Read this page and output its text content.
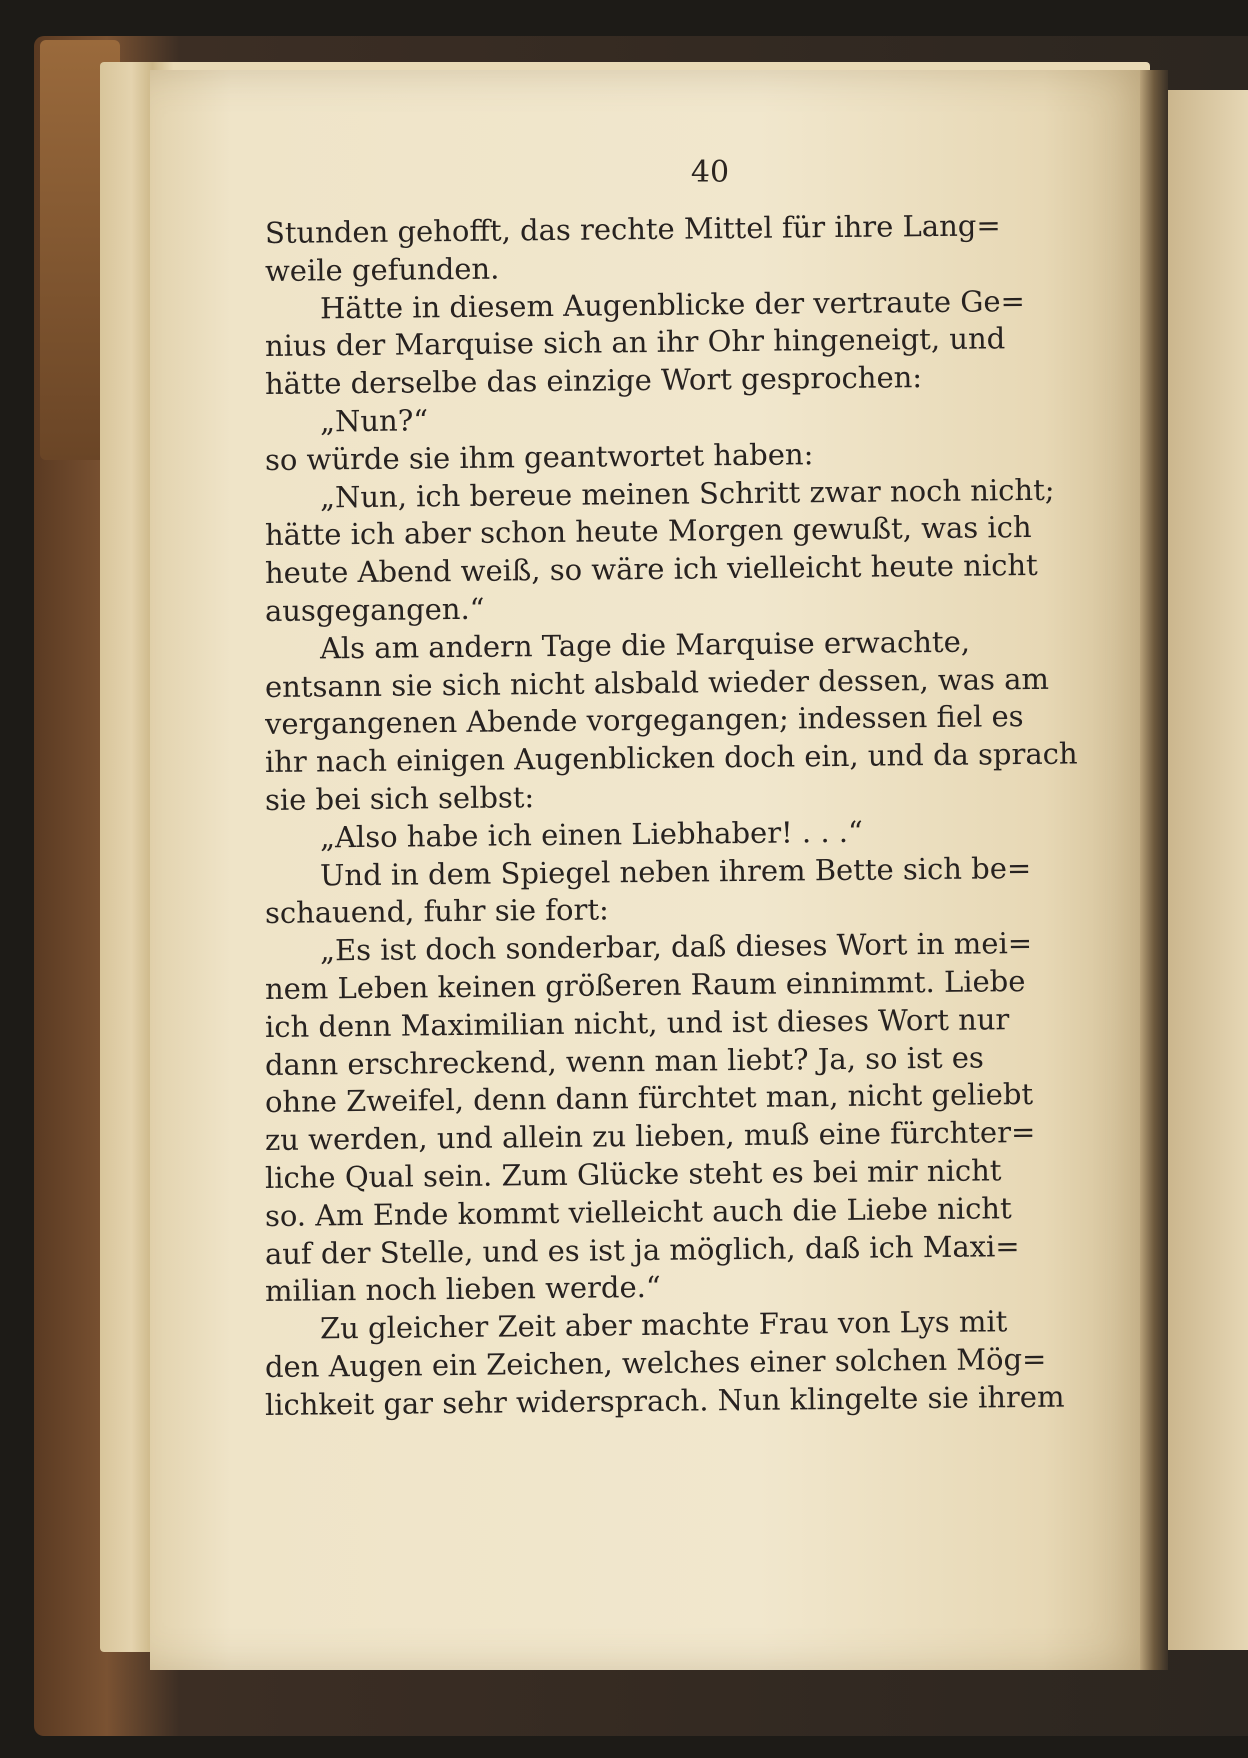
40
Stunden gehofft, das rechte Mittel für ihre Lang=
weile gefunden.
Hätte in diesem Augenblicke der vertraute Ge=
nius der Marquise sich an ihr Ohr hingeneigt, und
hätte derselbe das einzige Wort gesprochen:
„Nun?“
so würde sie ihm geantwortet haben:
„Nun, ich bereue meinen Schritt zwar noch nicht;
hätte ich aber schon heute Morgen gewußt, was ich
heute Abend weiß, so wäre ich vielleicht heute nicht
ausgegangen.“
Als am andern Tage die Marquise erwachte,
entsann sie sich nicht alsbald wieder dessen, was am
vergangenen Abende vorgegangen; indessen fiel es
ihr nach einigen Augenblicken doch ein, und da sprach
sie bei sich selbst:
„Also habe ich einen Liebhaber! . . .“
Und in dem Spiegel neben ihrem Bette sich be=
schauend, fuhr sie fort:
„Es ist doch sonderbar, daß dieses Wort in mei=
nem Leben keinen größeren Raum einnimmt. Liebe
ich denn Maximilian nicht, und ist dieses Wort nur
dann erschreckend, wenn man liebt? Ja, so ist es
ohne Zweifel, denn dann fürchtet man, nicht geliebt
zu werden, und allein zu lieben, muß eine fürchter=
liche Qual sein. Zum Glücke steht es bei mir nicht
so. Am Ende kommt vielleicht auch die Liebe nicht
auf der Stelle, und es ist ja möglich, daß ich Maxi=
milian noch lieben werde.“
Zu gleicher Zeit aber machte Frau von Lys mit
den Augen ein Zeichen, welches einer solchen Mög=
lichkeit gar sehr widersprach. Nun klingelte sie ihrem
